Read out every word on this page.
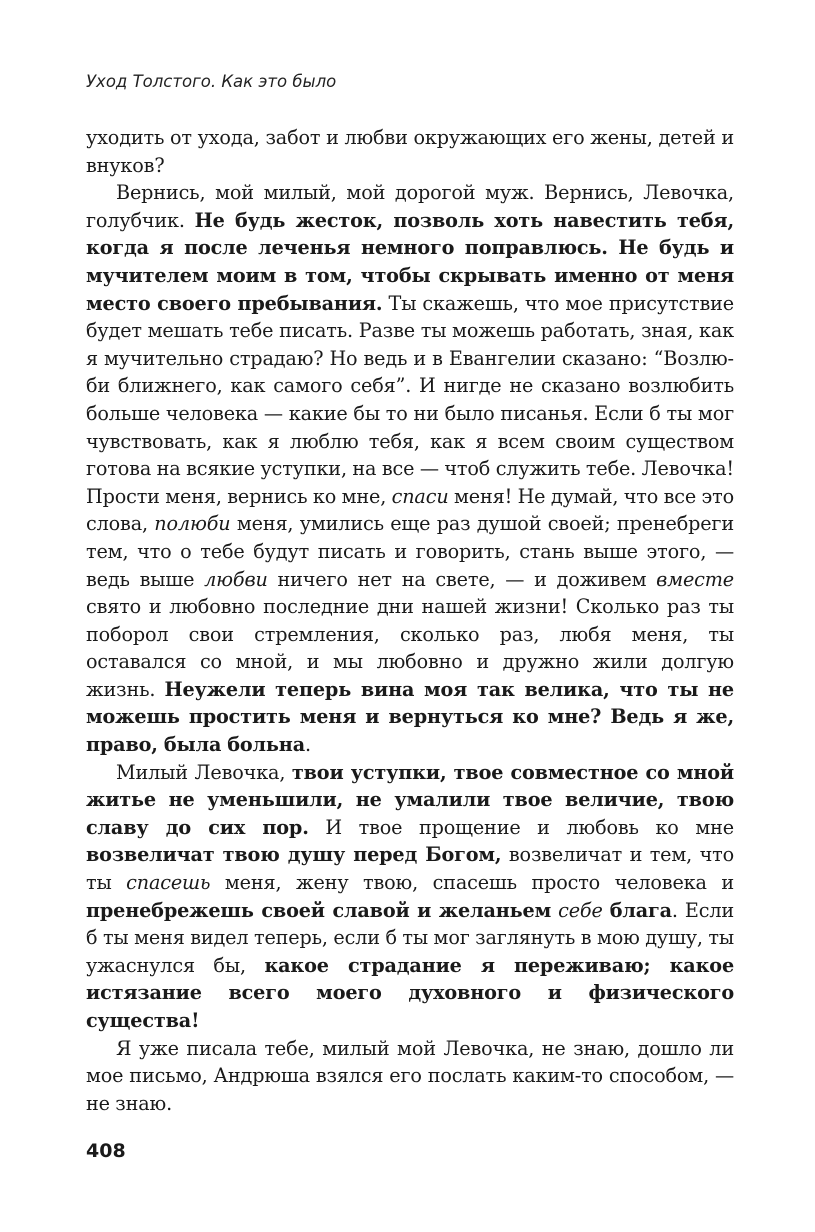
Уход Толстого. Как это было

уходить от ухода, забот и любви окружающих его жены, детей и внуков?

Вернись, мой милый, мой дорогой муж. Вернись, Левочка, голубчик. Не будь жесток, позволь хоть навестить тебя, когда я после леченья немного поправлюсь. Не будь и мучителем моим в том, чтобы скрывать именно от меня место своего пребывания. Ты скажешь, что мое присутствие будет мешать тебе писать. Разве ты можешь работать, зная, как я мучительно страдаю? Но ведь и в Евангелии сказано: “Возлюби ближнего, как самого себя”. И нигде не сказано возлюбить больше человека — какие бы то ни было писанья. Если б ты мог чувствовать, как я люблю тебя, как я всем своим существом готова на всякие уступки, на все — чтоб служить тебе. Левочка! Прости меня, вернись ко мне, спаси меня! Не думай, что все это слова, полюби меня, умились еще раз душой своей; пренебреги тем, что о тебе будут писать и говорить, стань выше этого, — ведь выше любви ничего нет на свете, — и доживем вместе свято и любовно последние дни нашей жизни! Сколько раз ты поборол свои стремления, сколько раз, любя меня, ты оставался со мной, и мы любовно и дружно жили долгую жизнь. Неужели теперь вина моя так велика, что ты не можешь простить меня и вернуться ко мне? Ведь я же, право, была больна.

Милый Левочка, твои уступки, твое совместное со мной житье не уменьшили, не умалили твое величие, твою славу до сих пор. И твое прощение и любовь ко мне возвеличат твою душу перед Богом, возвеличат и тем, что ты спасешь меня, жену твою, спасешь просто человека и пренебрежешь своей славой и желаньем себе блага. Если б ты меня видел теперь, если б ты мог заглянуть в мою душу, ты ужаснулся бы, какое страдание я переживаю; какое истязание всего моего духовного и физического существа!

Я уже писала тебе, милый мой Левочка, не знаю, дошло ли мое письмо, Андрюша взялся его послать каким-то способом, — не знаю.

408
